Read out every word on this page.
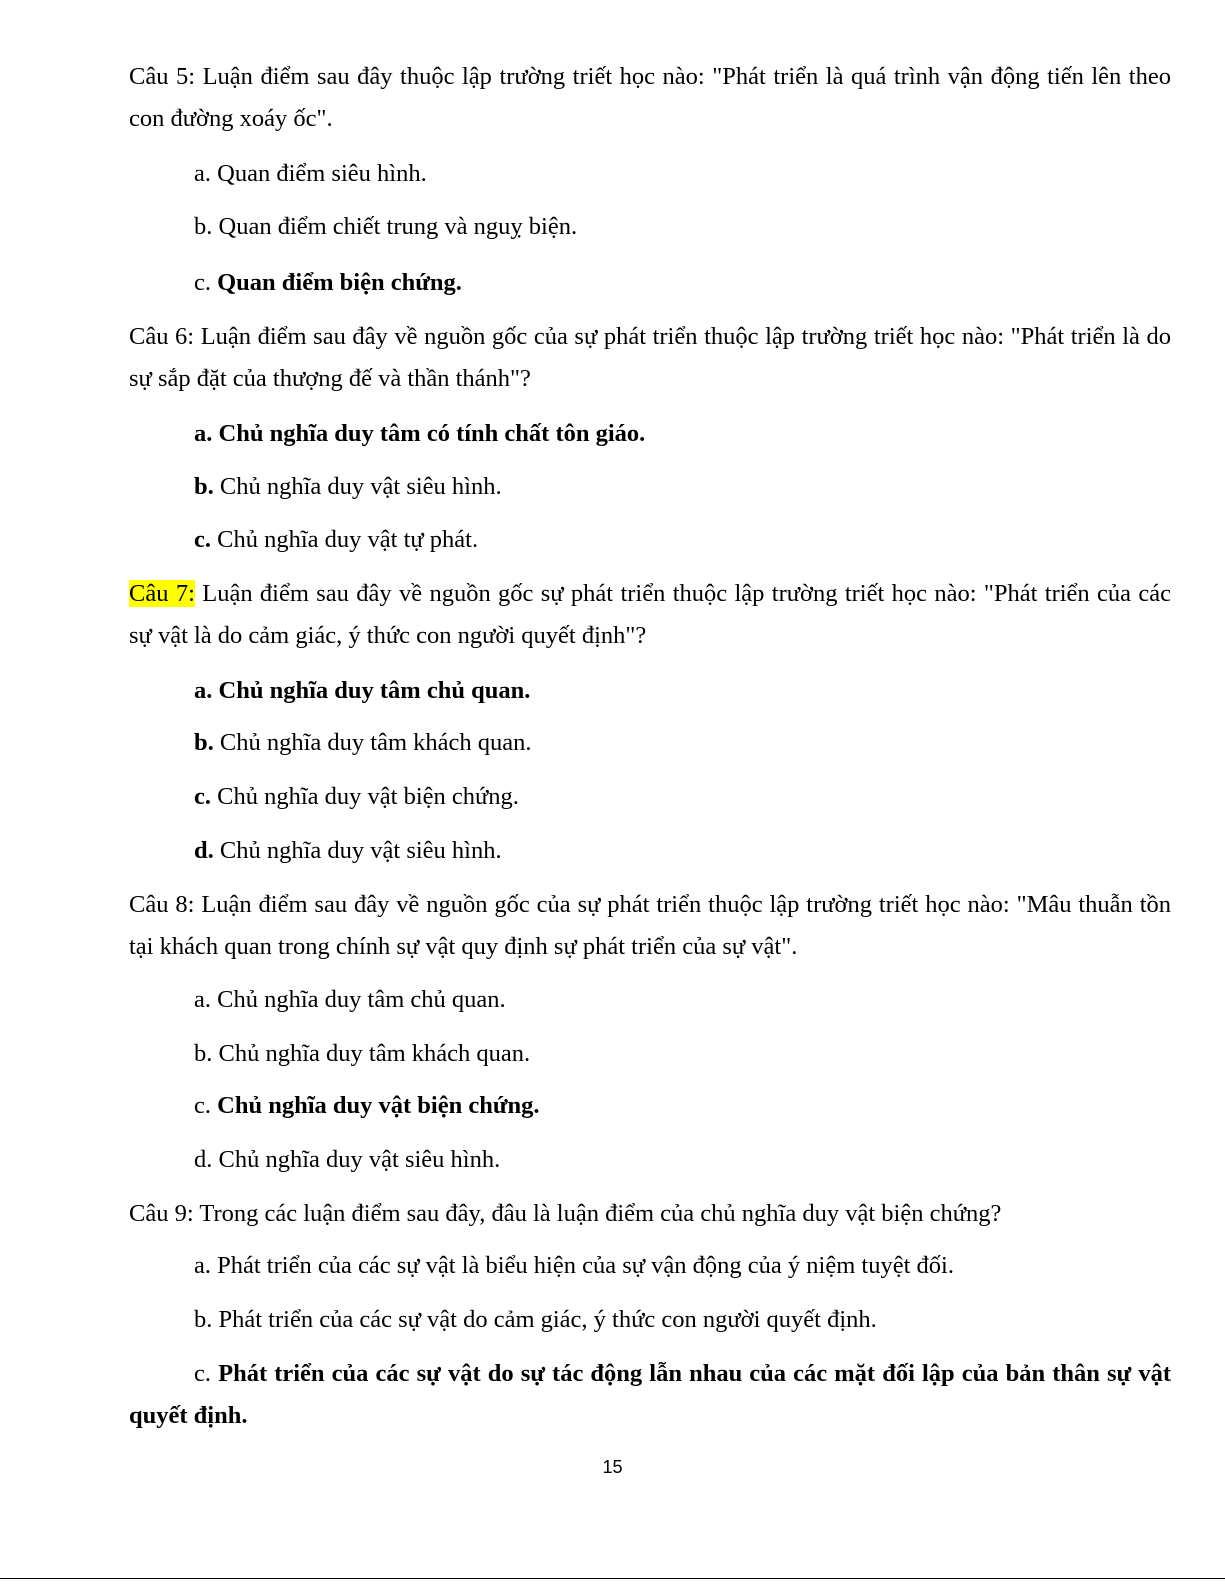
Câu 5: Luận điểm sau đây thuộc lập trường triết học nào: "Phát triển là quá trình vận động tiến lên theo con đường xoáy ốc".

a. Quan điểm siêu hình.

b. Quan điểm chiết trung và nguỵ biện.

c. Quan điểm biện chứng.

Câu 6: Luận điểm sau đây về nguồn gốc của sự phát triển thuộc lập trường triết học nào: "Phát triển là do sự sắp đặt của thượng đế và thần thánh"?

a. Chủ nghĩa duy tâm có tính chất tôn giáo.

b. Chủ nghĩa duy vật siêu hình.

c. Chủ nghĩa duy vật tự phát.

Câu 7: Luận điểm sau đây về nguồn gốc sự phát triển thuộc lập trường triết học nào: "Phát triển của các sự vật là do cảm giác, ý thức con người quyết định"?

a. Chủ nghĩa duy tâm chủ quan.

b. Chủ nghĩa duy tâm khách quan.

c. Chủ nghĩa duy vật biện chứng.

d. Chủ nghĩa duy vật siêu hình.

Câu 8: Luận điểm sau đây về nguồn gốc của sự phát triển thuộc lập trường triết học nào: "Mâu thuẫn tồn tại khách quan trong chính sự vật quy định sự phát triển của sự vật".

a. Chủ nghĩa duy tâm chủ quan.

b. Chủ nghĩa duy tâm khách quan.

c. Chủ nghĩa duy vật biện chứng.

d. Chủ nghĩa duy vật siêu hình.

Câu 9: Trong các luận điểm sau đây, đâu là luận điểm của chủ nghĩa duy vật biện chứng?

a. Phát triển của các sự vật là biểu hiện của sự vận động của ý niệm tuyệt đối.

b. Phát triển của các sự vật do cảm giác, ý thức con người quyết định.

c. Phát triển của các sự vật do sự tác động lẫn nhau của các mặt đối lập của bản thân sự vật quyết định.

15
